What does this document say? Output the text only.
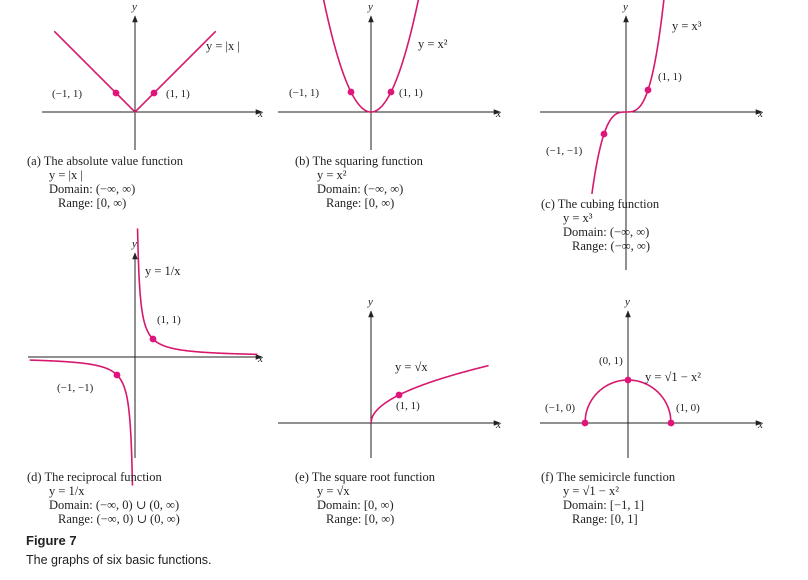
x
y
y = |x |
(−1, 1)	(1, 1)
(a) The absolute value function
y = |x |
Domain: (−∞, ∞)
Range: [0, ∞)
x
y
y = x²
(−1, 1)	(1, 1)
(b) The squaring function
y = x²
Domain: (−∞, ∞)
Range: [0, ∞)
x
y
y = x³
(−1, −1)
(1, 1)
(c) The cubing function
y = x³
Domain: (−∞, ∞)
Range: (−∞, ∞)
x
y
y = 1/x
(−1, −1)
(1, 1)
(d) The reciprocal function
y = 1/x
Domain: (−∞, 0) ∪ (0, ∞)
Range: (−∞, 0) ∪ (0, ∞)
x
y
y = √x
(1, 1)
(e) The square root function
y = √x
Domain: [0, ∞)
Range: [0, ∞)
x
y
y = √1 − x²
(−1, 0)
(0, 1)
(1, 0)
(f) The semicircle function
y = √1 − x²
Domain: [−1, 1]
Range: [0, 1]
Figure 7
The graphs of six basic functions.
